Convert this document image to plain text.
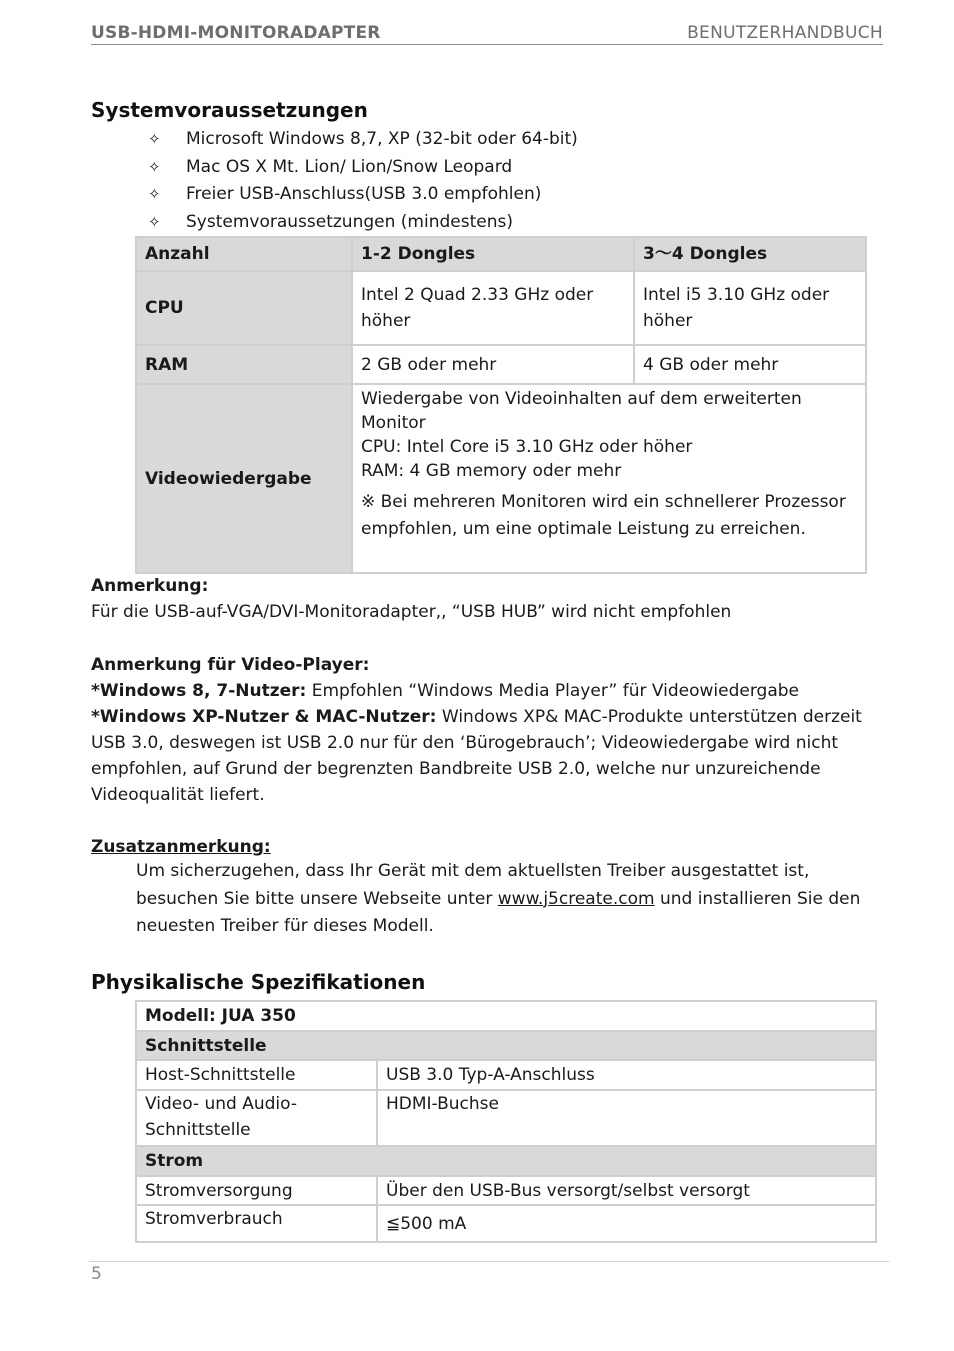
USB-HDMI-MONITORADAPTER	BENUTZERHANDBUCH
Systemvoraussetzungen
✧ Microsoft Windows 8,7, XP (32-bit oder 64-bit)
✧ Mac OS X Mt. Lion/ Lion/Snow Leopard
✧ Freier USB-Anschluss(USB 3.0 empfohlen)
✧ Systemvoraussetzungen (mindestens)
Anzahl	1-2 Dongles	3～4 Dongles
CPU	Intel 2 Quad 2.33 GHz oder höher	Intel i5 3.10 GHz oder höher
RAM	2 GB oder mehr	4 GB oder mehr
Videowiedergabe	Wiedergabe von Videoinhalten auf dem erweiterten Monitor
CPU: Intel Core i5 3.10 GHz oder höher
RAM: 4 GB memory oder mehr
※ Bei mehreren Monitoren wird ein schnellerer Prozessor empfohlen, um eine optimale Leistung zu erreichen.	
Anmerkung:
Für die USB-auf-VGA/DVI-Monitoradapter,, “USB HUB” wird nicht empfohlen
Anmerkung für Video-Player:
*Windows 8, 7-Nutzer: Empfohlen “Windows Media Player” für Videowiedergabe
*Windows XP-Nutzer & MAC-Nutzer: Windows XP& MAC-Produkte unterstützen derzeit USB 3.0, deswegen ist USB 2.0 nur für den ‘Bürogebrauch’; Videowiedergabe wird nicht empfohlen, auf Grund der begrenzten Bandbreite USB 2.0, welche nur unzureichende Videoqualität liefert.
Zusatzanmerkung:
Um sicherzugehen, dass Ihr Gerät mit dem aktuellsten Treiber ausgestattet ist, besuchen Sie bitte unsere Webseite unter www.j5create.com und installieren Sie den neuesten Treiber für dieses Modell.
Physikalische Spezifikationen
Modell: JUA 350	
Schnittstelle	
Host-Schnittstelle	USB 3.0 Typ-A-Anschluss
Video- und Audio-Schnittstelle	HDMI-Buchse
Strom	
Stromversorgung	Über den USB-Bus versorgt/selbst versorgt
Stromverbrauch	≦500 mA
5
